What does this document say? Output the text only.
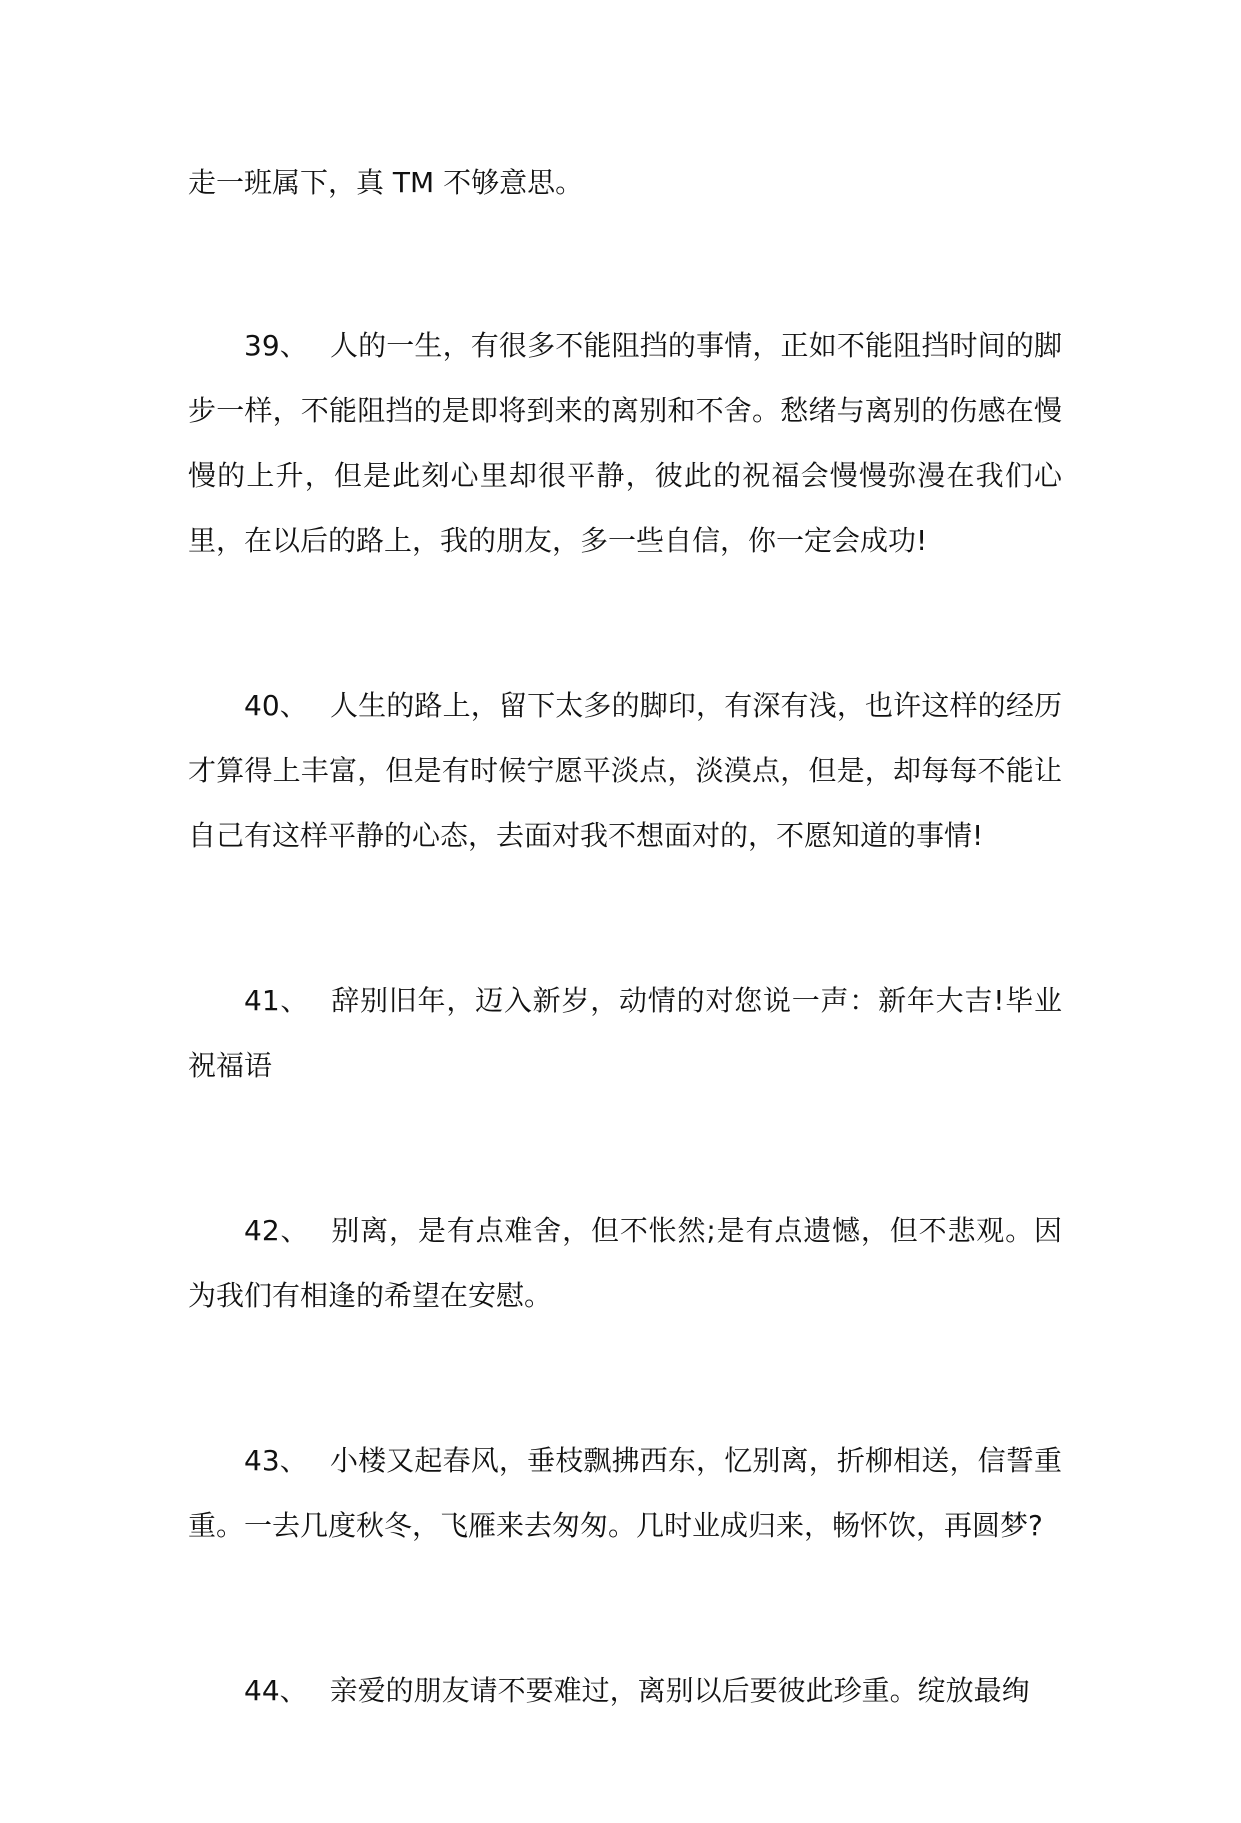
走一班属下，真 TM 不够意思。

39、 人的一生，有很多不能阻挡的事情，正如不能阻挡时间的脚步一样，不能阻挡的是即将到来的离别和不舍。愁绪与离别的伤感在慢慢的上升，但是此刻心里却很平静，彼此的祝福会慢慢弥漫在我们心里，在以后的路上，我的朋友，多一些自信，你一定会成功!

40、 人生的路上，留下太多的脚印，有深有浅，也许这样的经历才算得上丰富，但是有时候宁愿平淡点，淡漠点，但是，却每每不能让自己有这样平静的心态，去面对我不想面对的，不愿知道的事情!

41、 辞别旧年，迈入新岁，动情的对您说一声：新年大吉!毕业祝福语

42、 别离，是有点难舍，但不怅然;是有点遗憾，但不悲观。因为我们有相逢的希望在安慰。

43、 小楼又起春风，垂枝飘拂西东，忆别离，折柳相送，信誓重重。一去几度秋冬，飞雁来去匆匆。几时业成归来，畅怀饮，再圆梦?

44、 亲爱的朋友请不要难过，离别以后要彼此珍重。绽放最绚
